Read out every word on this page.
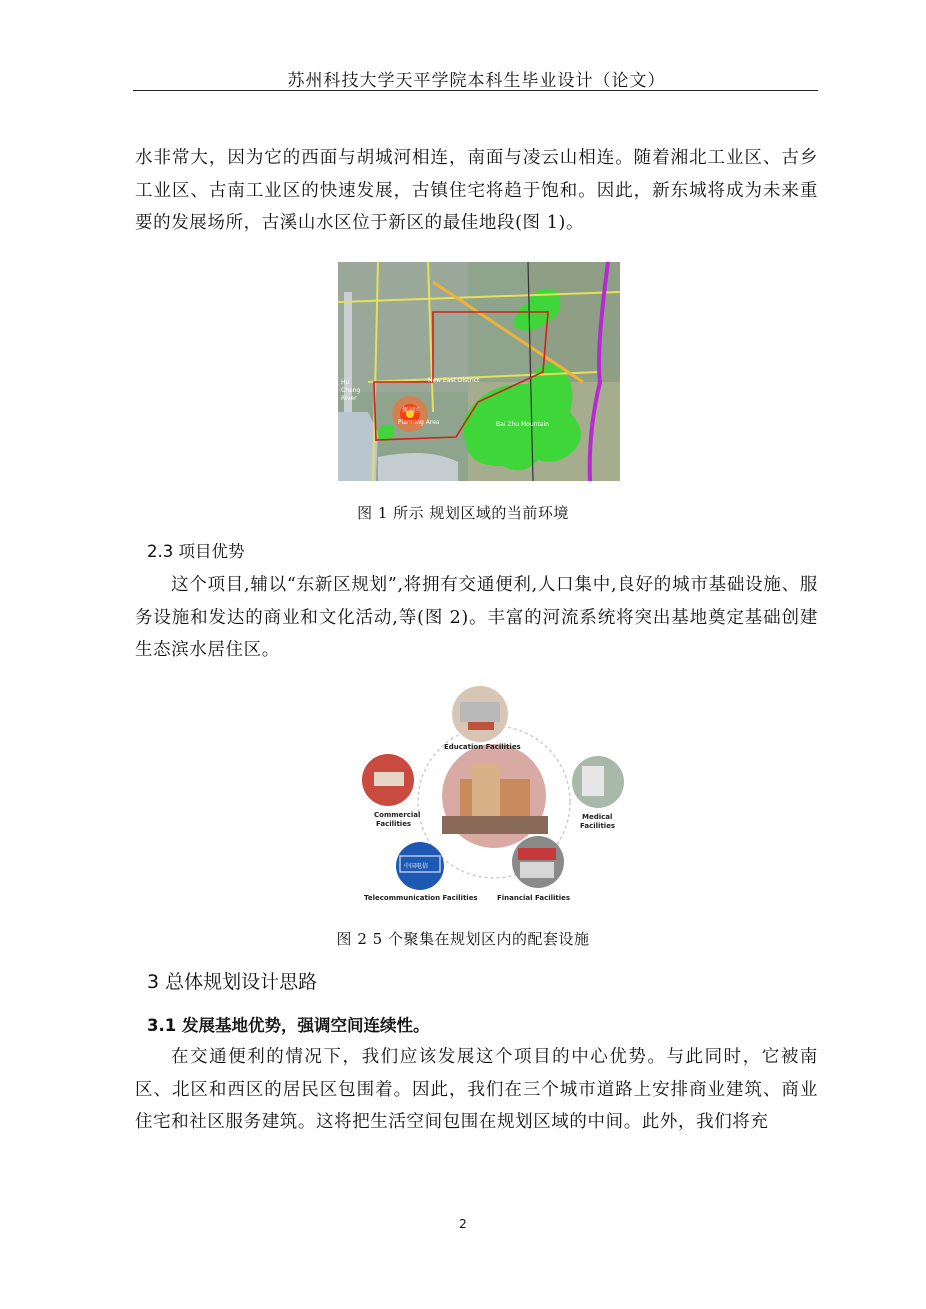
苏州科技大学天平学院本科生毕业设计（论文）
水非常大，因为它的西面与胡城河相连，南面与凌云山相连。随着湘北工业区、古乡工业区、古南工业区的快速发展，古镇住宅将趋于饱和。因此，新东城将成为未来重要的发展场所，古溪山水区位于新区的最佳地段(图 1)。
规划区
Planning Area
New East District
Bai Zhu Mountain
Hu
Cheng
River
图 1 所示 规划区域的当前环境
2.3 项目优势
这个项目,辅以“东新区规划”,将拥有交通便利,人口集中,良好的城市基础设施、服务设施和发达的商业和文化活动,等(图 2)。丰富的河流系统将突出基地奠定基础创建生态滨水居住区。
Education Facilities
Commercial
Facilities
Medical
Facilities
中国电信
Telecommunication Facilities	Financial Facilities
图 2 5 个聚集在规划区内的配套设施
3 总体规划设计思路
3.1 发展基地优势，强调空间连续性。
在交通便利的情况下，我们应该发展这个项目的中心优势。与此同时，它被南区、北区和西区的居民区包围着。因此，我们在三个城市道路上安排商业建筑、商业住宅和社区服务建筑。这将把生活空间包围在规划区域的中间。此外，我们将充
2
